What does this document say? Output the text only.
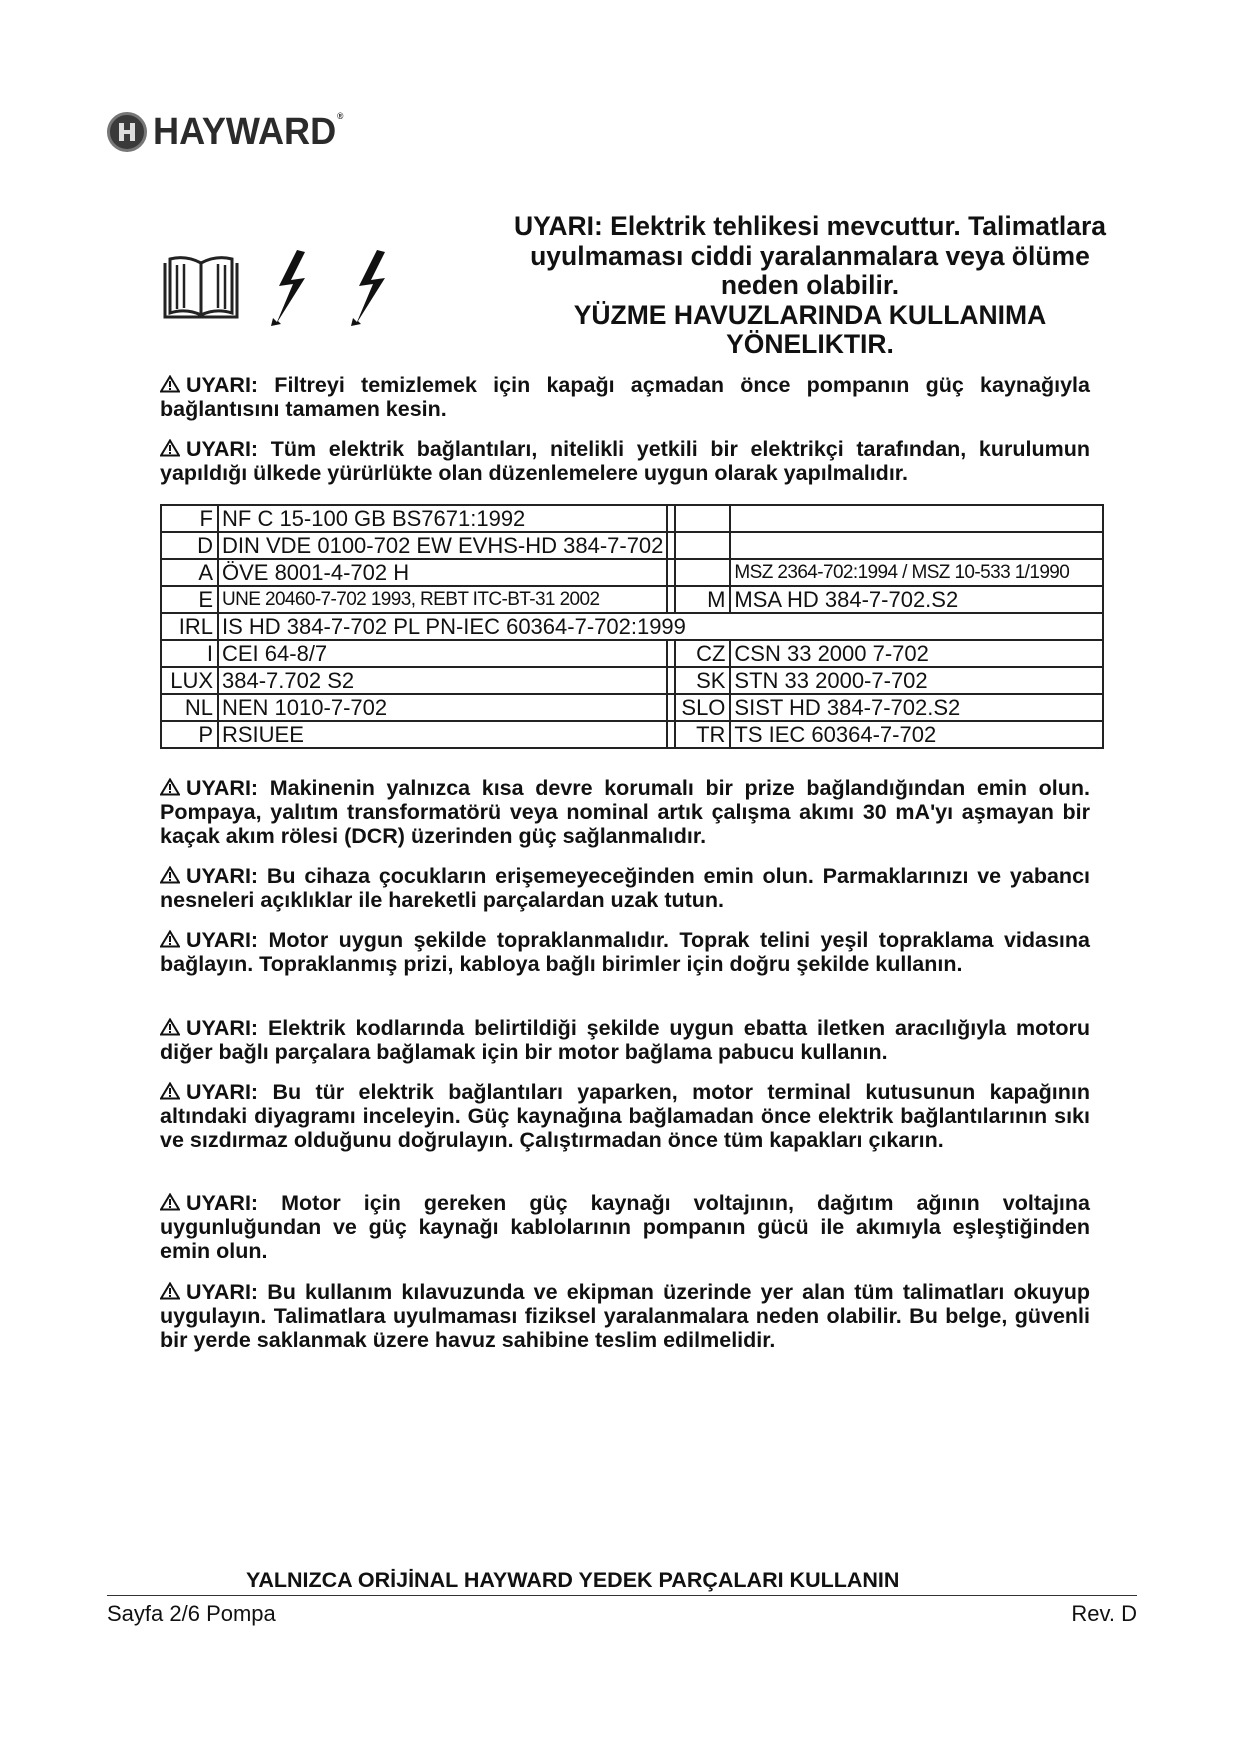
HAYWARD®
UYARI: Elektrik tehlikesi mevcuttur. Talimatlara
uyulmaması ciddi yaralanmalara veya ölüme
neden olabilir.
YÜZME HAVUZLARINDA KULLANIMA
YÖNELIKTIR.
UYARI: Filtreyi temizlemek için kapağı açmadan önce pompanın güç kaynağıyla bağlantısını tamamen kesin.
UYARI: Tüm elektrik bağlantıları, nitelikli yetkili bir elektrikçi tarafından, kurulumun yapıldığı ülkede yürürlükte olan düzenlemelere uygun olarak yapılmalıdır.
F	NF C 15-100 GB BS7671:1992			
D	DIN VDE 0100-702 EW EVHS-HD 384-7-702			
A	ÖVE 8001-4-702 H			MSZ 2364-702:1994 / MSZ 10-533 1/1990
E	UNE 20460-7-702 1993, REBT ITC-BT-31 2002		M	MSA HD 384-7-702.S2
IRL	IS HD 384-7-702 PL PN-IEC 60364-7-702:1999			
I	CEI 64-8/7		CZ	CSN 33 2000 7-702
LUX	384-7.702 S2		SK	STN 33 2000-7-702
NL	NEN 1010-7-702		SLO	SIST HD 384-7-702.S2
P	RSIUEE		TR	TS IEC 60364-7-702
UYARI: Makinenin yalnızca kısa devre korumalı bir prize bağlandığından emin olun. Pompaya, yalıtım transformatörü veya nominal artık çalışma akımı 30 mA'yı aşmayan bir kaçak akım rölesi (DCR) üzerinden güç sağlanmalıdır.
UYARI: Bu cihaza çocukların erişemeyeceğinden emin olun. Parmaklarınızı ve yabancı nesneleri açıklıklar ile hareketli parçalardan uzak tutun.
UYARI: Motor uygun şekilde topraklanmalıdır. Toprak telini yeşil topraklama vidasına bağlayın. Topraklanmış prizi, kabloya bağlı birimler için doğru şekilde kullanın.
UYARI: Elektrik kodlarında belirtildiği şekilde uygun ebatta iletken aracılığıyla motoru diğer bağlı parçalara bağlamak için bir motor bağlama pabucu kullanın.
UYARI: Bu tür elektrik bağlantıları yaparken, motor terminal kutusunun kapağının altındaki diyagramı inceleyin. Güç kaynağına bağlamadan önce elektrik bağlantılarının sıkı ve sızdırmaz olduğunu doğrulayın. Çalıştırmadan önce tüm kapakları çıkarın.
UYARI: Motor için gereken güç kaynağı voltajının, dağıtım ağının voltajına uygunluğundan ve güç kaynağı kablolarının pompanın gücü ile akımıyla eşleştiğinden emin olun.
UYARI: Bu kullanım kılavuzunda ve ekipman üzerinde yer alan tüm talimatları okuyup uygulayın. Talimatlara uyulmaması fiziksel yaralanmalara neden olabilir. Bu belge, güvenli bir yerde saklanmak üzere havuz sahibine teslim edilmelidir.
YALNIZCA ORİJİNAL HAYWARD YEDEK PARÇALARI KULLANIN
Sayfa 2/6 Pompa	Rev. D
